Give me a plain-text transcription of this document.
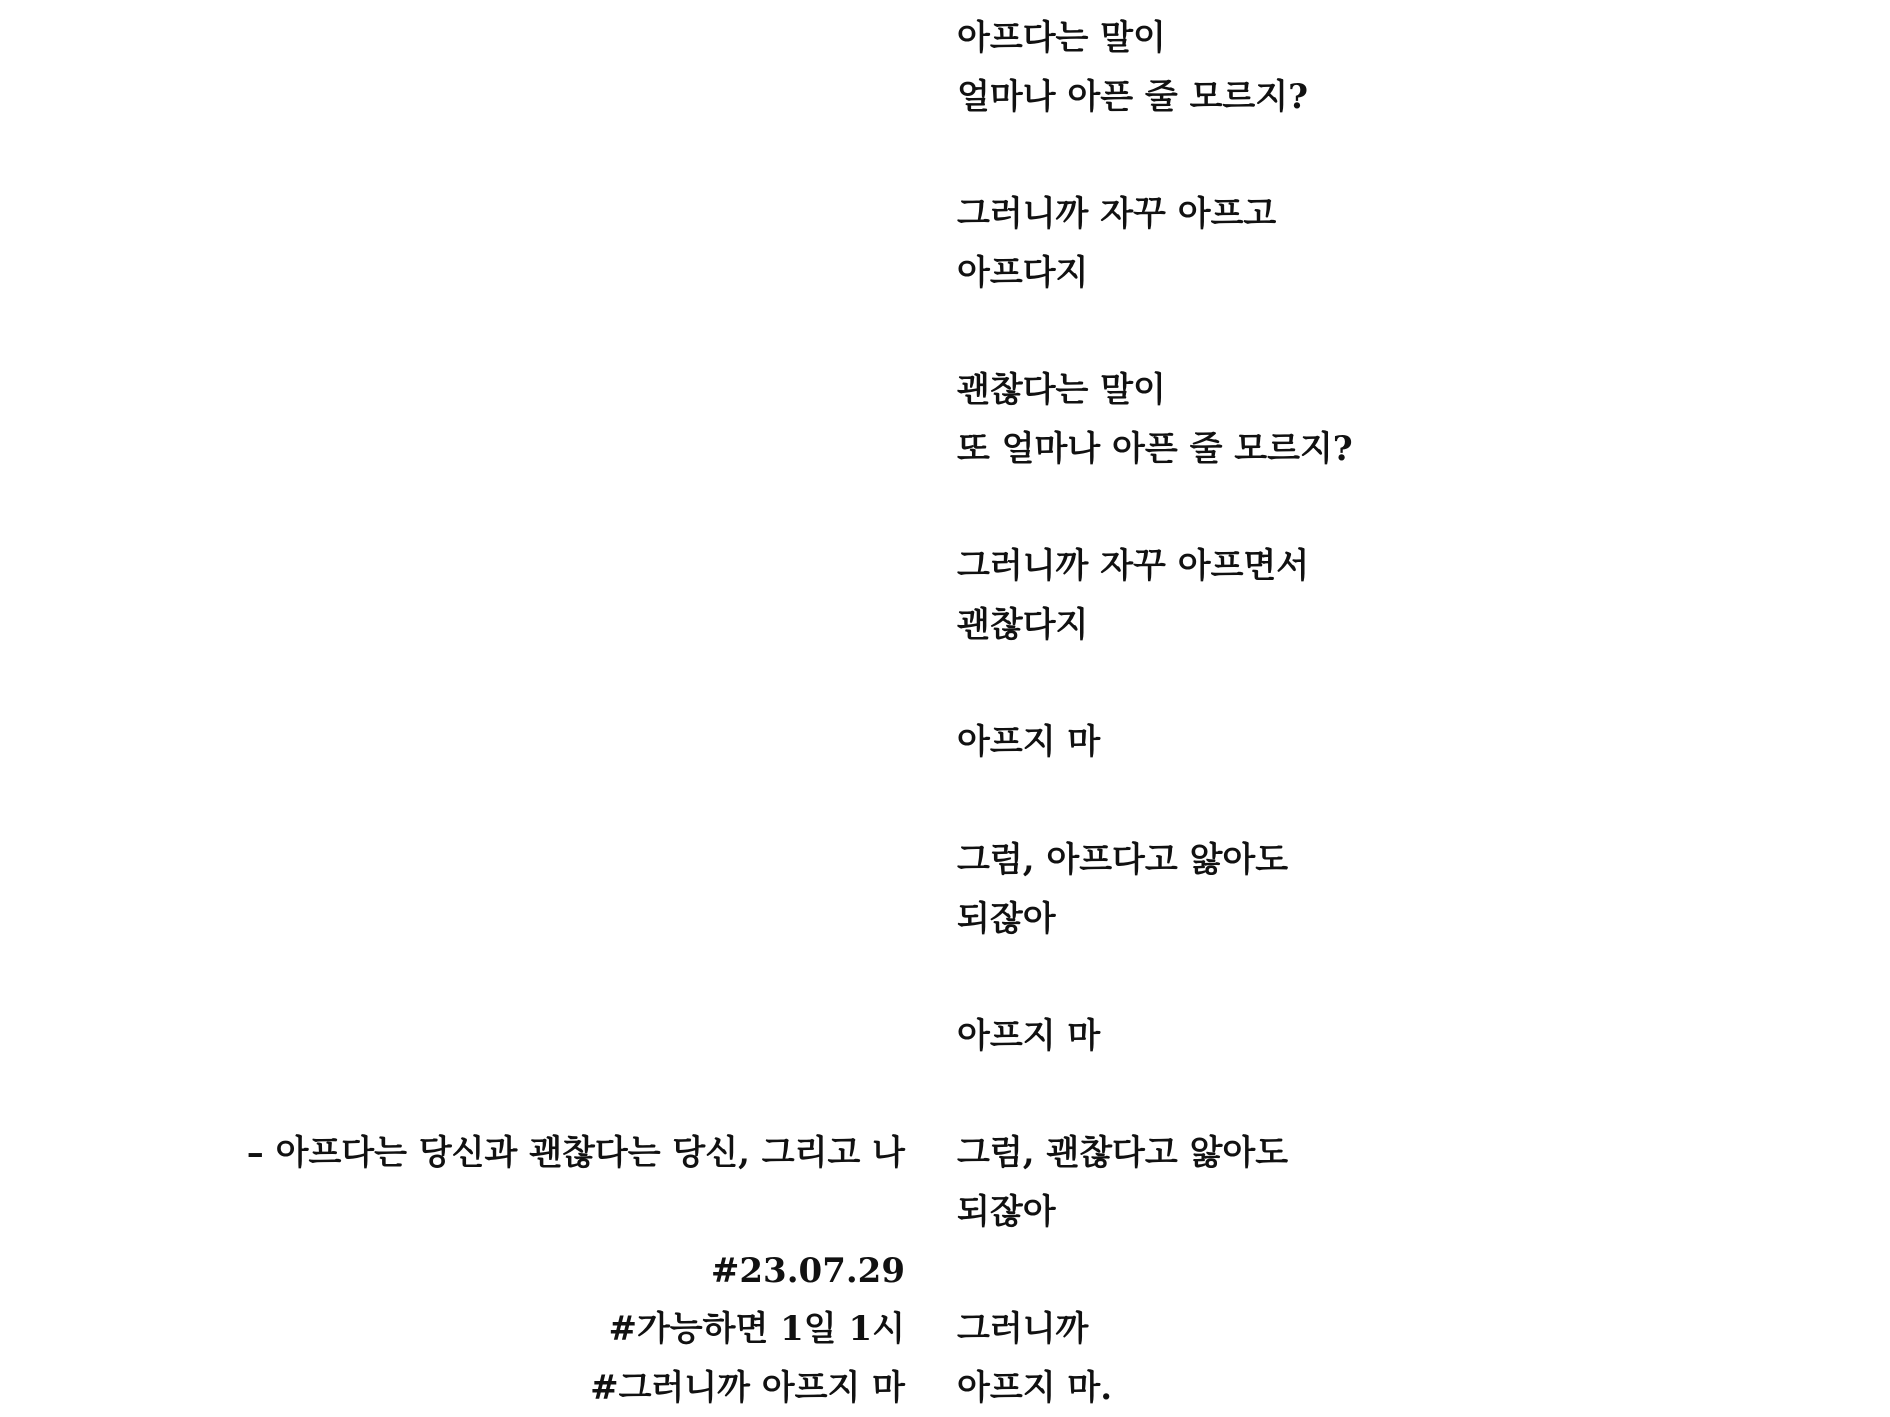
아프다는 말이
얼마나 아픈 줄 모르지?
그러니까 자꾸 아프고
아프다지
괜찮다는 말이
또 얼마나 아픈 줄 모르지?
그러니까 자꾸 아프면서
괜찮다지
아프지 마
그럼, 아프다고 앓아도
되잖아
아프지 마
그럼, 괜찮다고 앓아도
되잖아
그러니까
아프지 마.
– 아프다는 당신과 괜찮다는 당신, 그리고 나
#23.07.29
#가능하면 1일 1시
#그러니까 아프지 마
